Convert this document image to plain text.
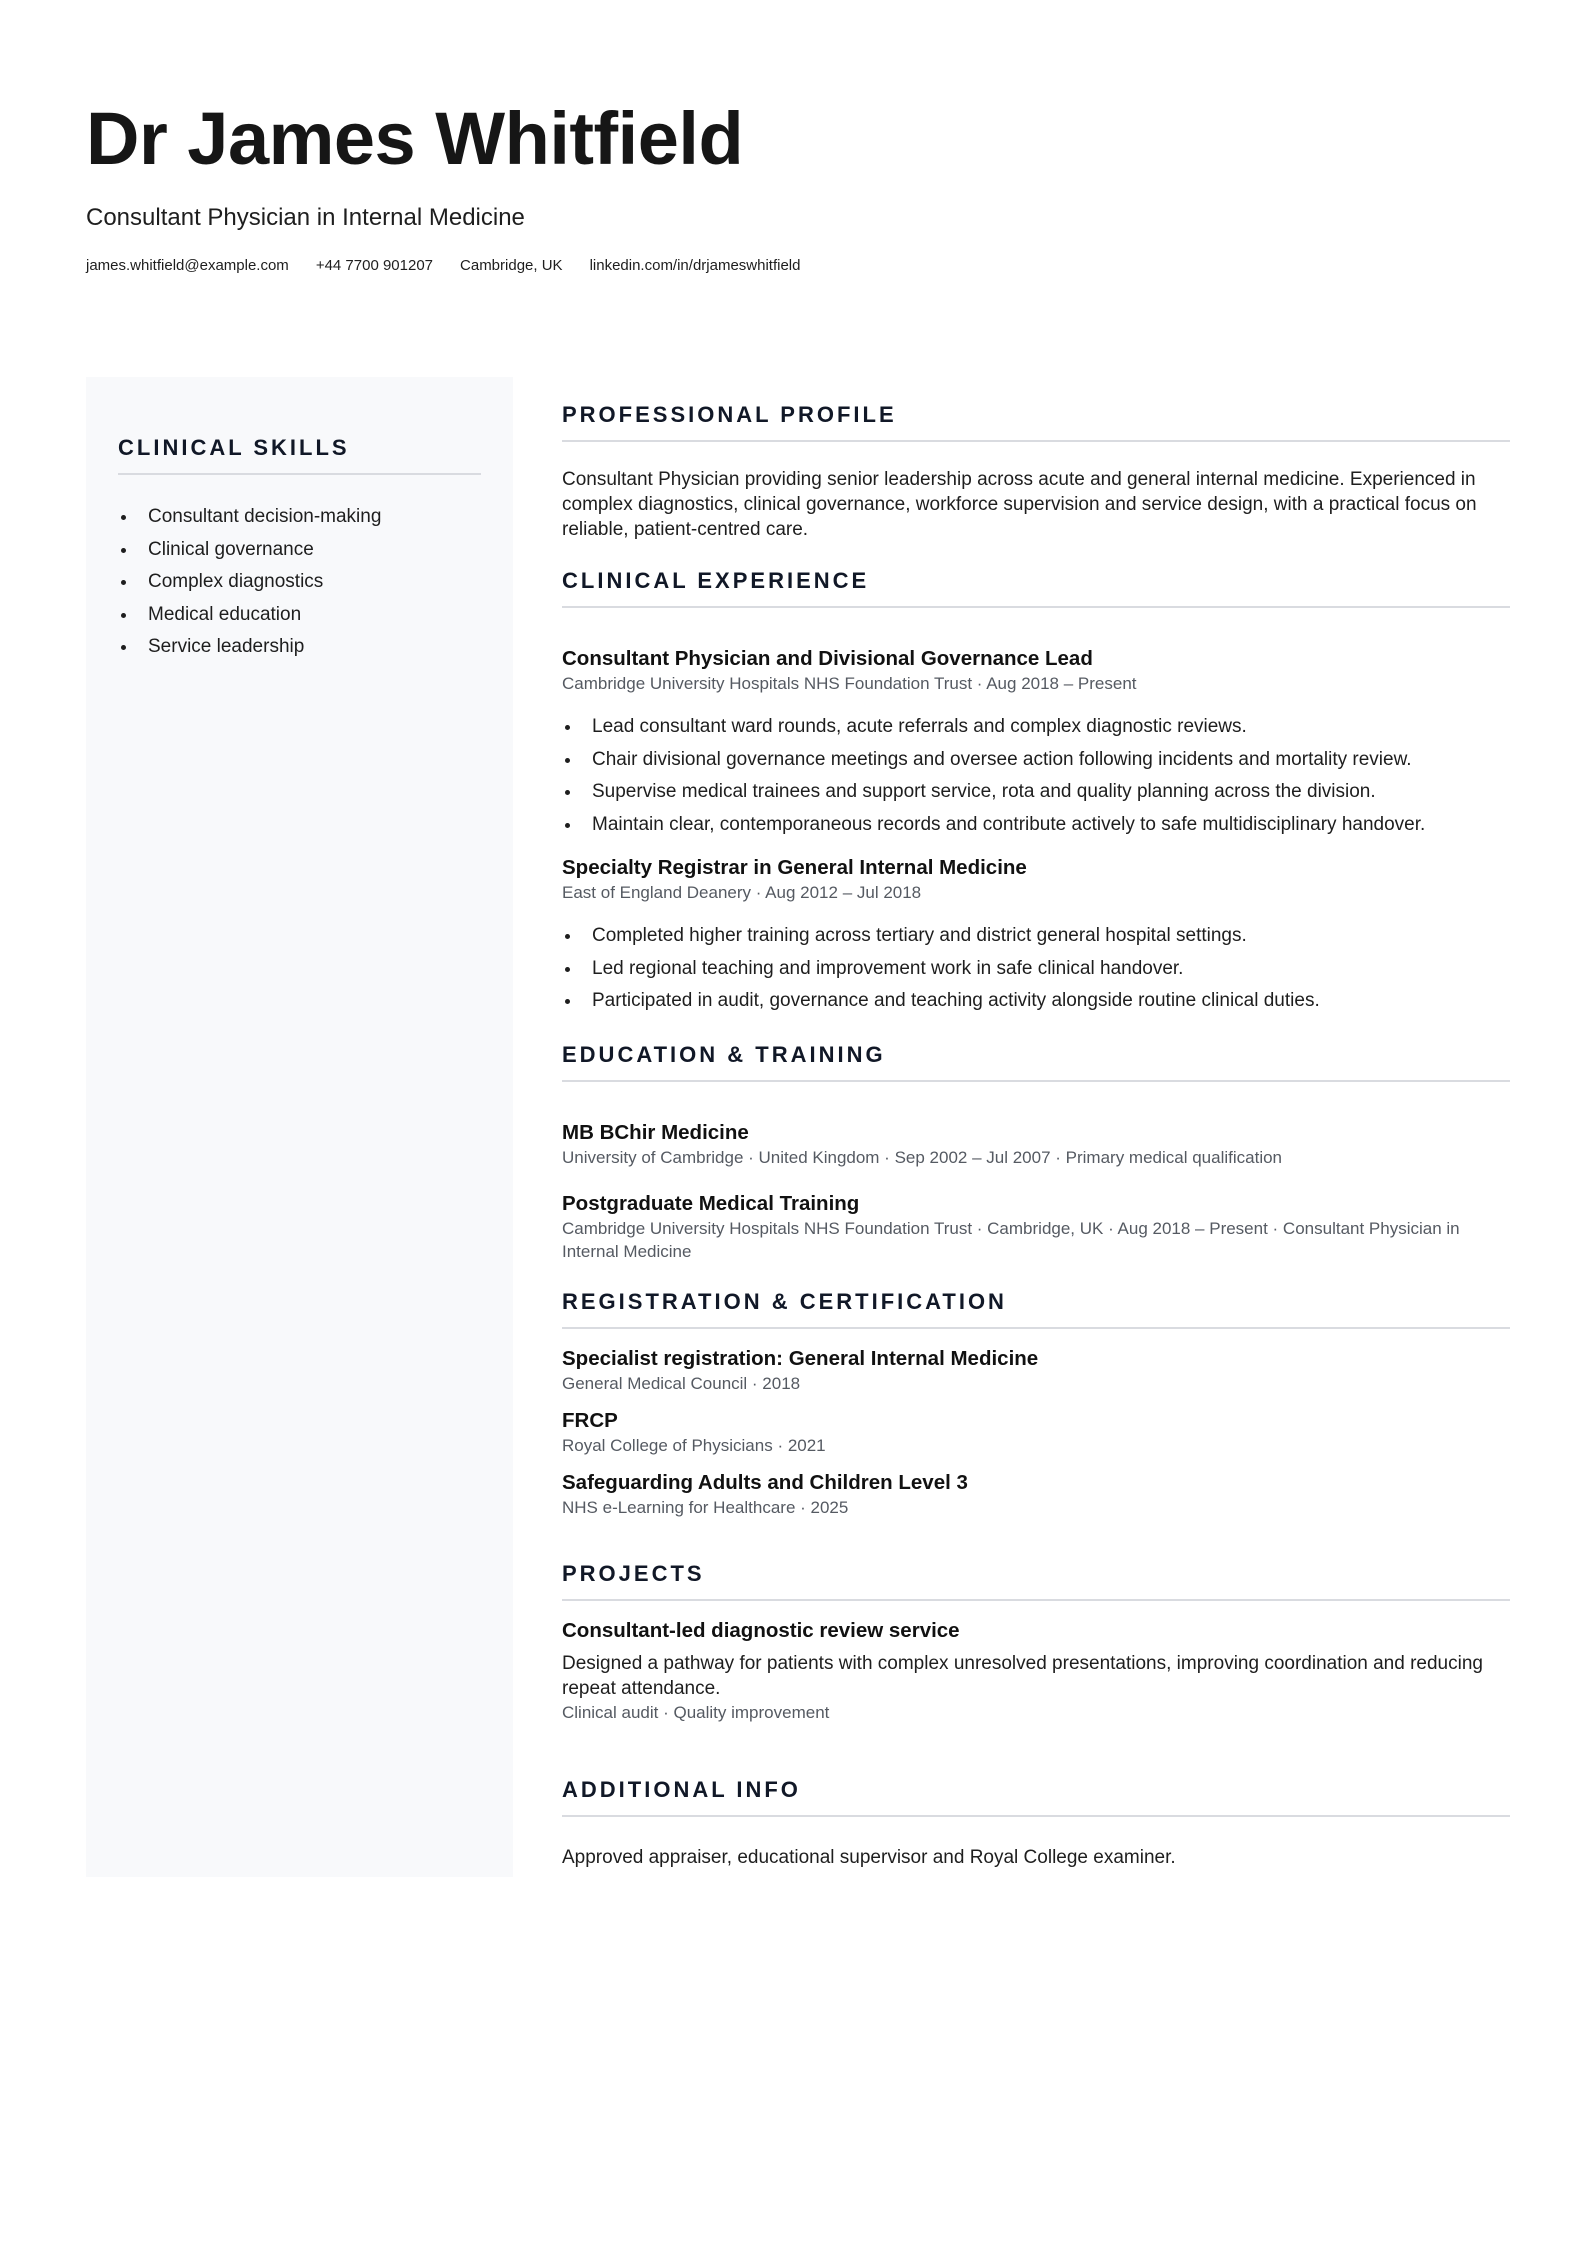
Dr James Whitfield
Consultant Physician in Internal Medicine
james.whitfield@example.com +44 7700 901207 Cambridge, UK linkedin.com/in/drjameswhitfield
CLINICAL SKILLS
Consultant decision-making
Clinical governance
Complex diagnostics
Medical education
Service leadership
PROFESSIONAL PROFILE
Consultant Physician providing senior leadership across acute and general internal medicine. Experienced in complex diagnostics, clinical governance, workforce supervision and service design, with a practical focus on reliable, patient-centred care.
CLINICAL EXPERIENCE
Consultant Physician and Divisional Governance Lead
Cambridge University Hospitals NHS Foundation Trust · Aug 2018 – Present
Lead consultant ward rounds, acute referrals and complex diagnostic reviews.
Chair divisional governance meetings and oversee action following incidents and mortality review.
Supervise medical trainees and support service, rota and quality planning across the division.
Maintain clear, contemporaneous records and contribute actively to safe multidisciplinary handover.
Specialty Registrar in General Internal Medicine
East of England Deanery · Aug 2012 – Jul 2018
Completed higher training across tertiary and district general hospital settings.
Led regional teaching and improvement work in safe clinical handover.
Participated in audit, governance and teaching activity alongside routine clinical duties.
EDUCATION & TRAINING
MB BChir Medicine
University of Cambridge · United Kingdom · Sep 2002 – Jul 2007 · Primary medical qualification
Postgraduate Medical Training
Cambridge University Hospitals NHS Foundation Trust · Cambridge, UK · Aug 2018 – Present · Consultant Physician in Internal Medicine
REGISTRATION & CERTIFICATION
Specialist registration: General Internal Medicine
General Medical Council · 2018
FRCP
Royal College of Physicians · 2021
Safeguarding Adults and Children Level 3
NHS e-Learning for Healthcare · 2025
PROJECTS
Consultant-led diagnostic review service
Designed a pathway for patients with complex unresolved presentations, improving coordination and reducing repeat attendance.
Clinical audit · Quality improvement
ADDITIONAL INFO
Approved appraiser, educational supervisor and Royal College examiner.
